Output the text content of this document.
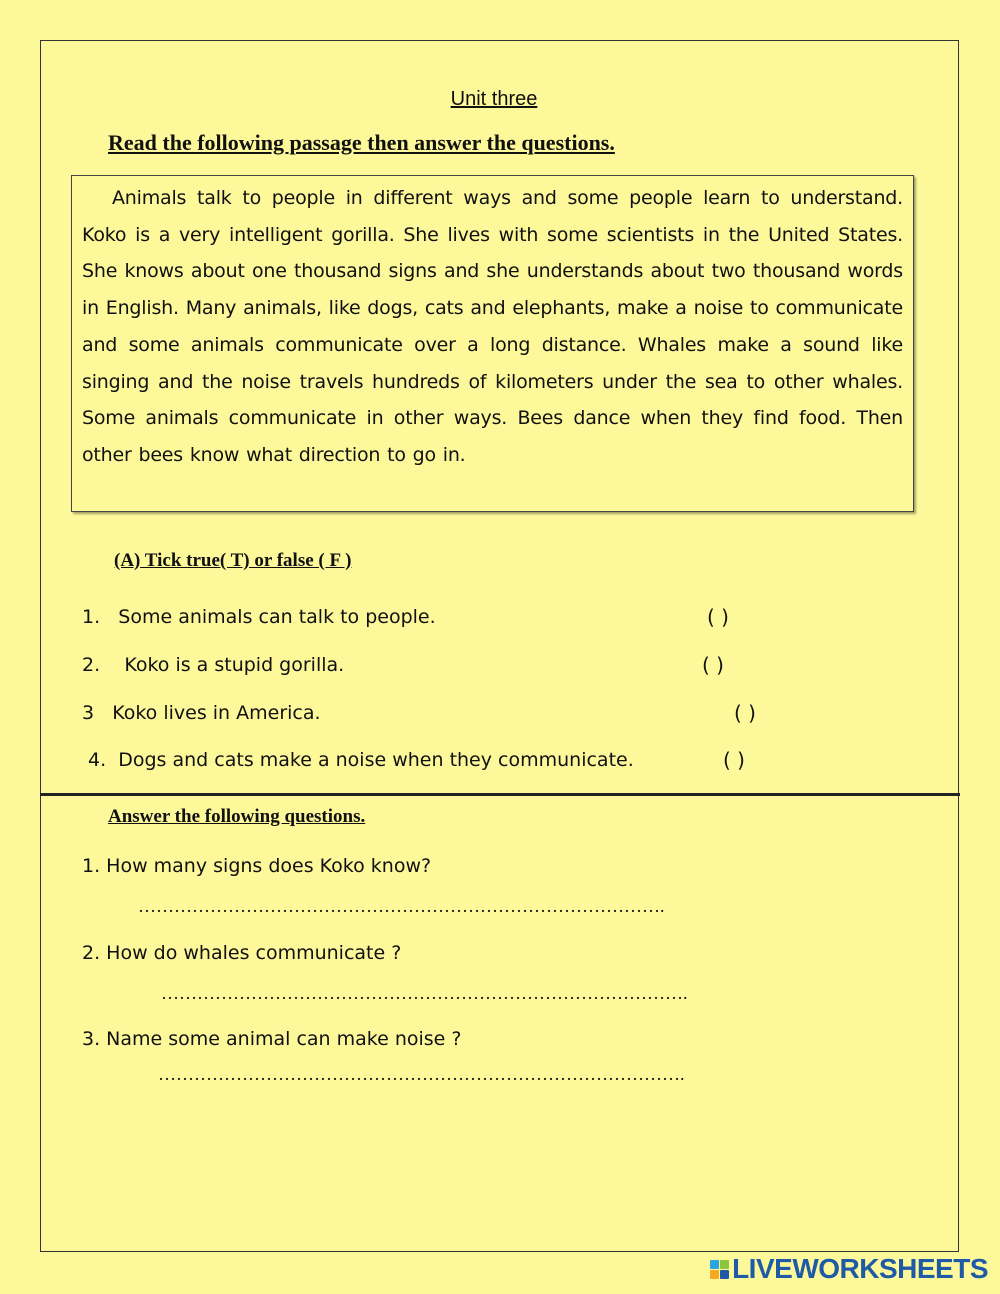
Unit three
Read the following passage then answer the questions.

Animals talk to people in different ways and some people learn to understand. Koko is a very intelligent gorilla. She lives with some scientists in the United States. She knows about one thousand signs and she understands about two thousand words in English. Many animals, like dogs, cats and elephants, make a noise to communicate and some animals communicate over a long distance. Whales make a sound like singing and the noise travels hundreds of kilometers under the sea to other whales. Some animals communicate in other ways. Bees dance when they find food. Then other bees know what direction to go in.

(A) Tick true( T) or false ( F )
1. Some animals can talk to people.	( )
2. Koko is a stupid gorilla.	( )
3 Koko lives in America.	( )
4. Dogs and cats make a noise when they communicate.	( )
Answer the following questions.
1. How many signs does Koko know?
…………………………………………………………………………….
2. How do whales communicate ?
…………………………………………………………………………….
3. Name some animal can make noise ?
…………………………………………………………………………….
LIVEWORKSHEETS
